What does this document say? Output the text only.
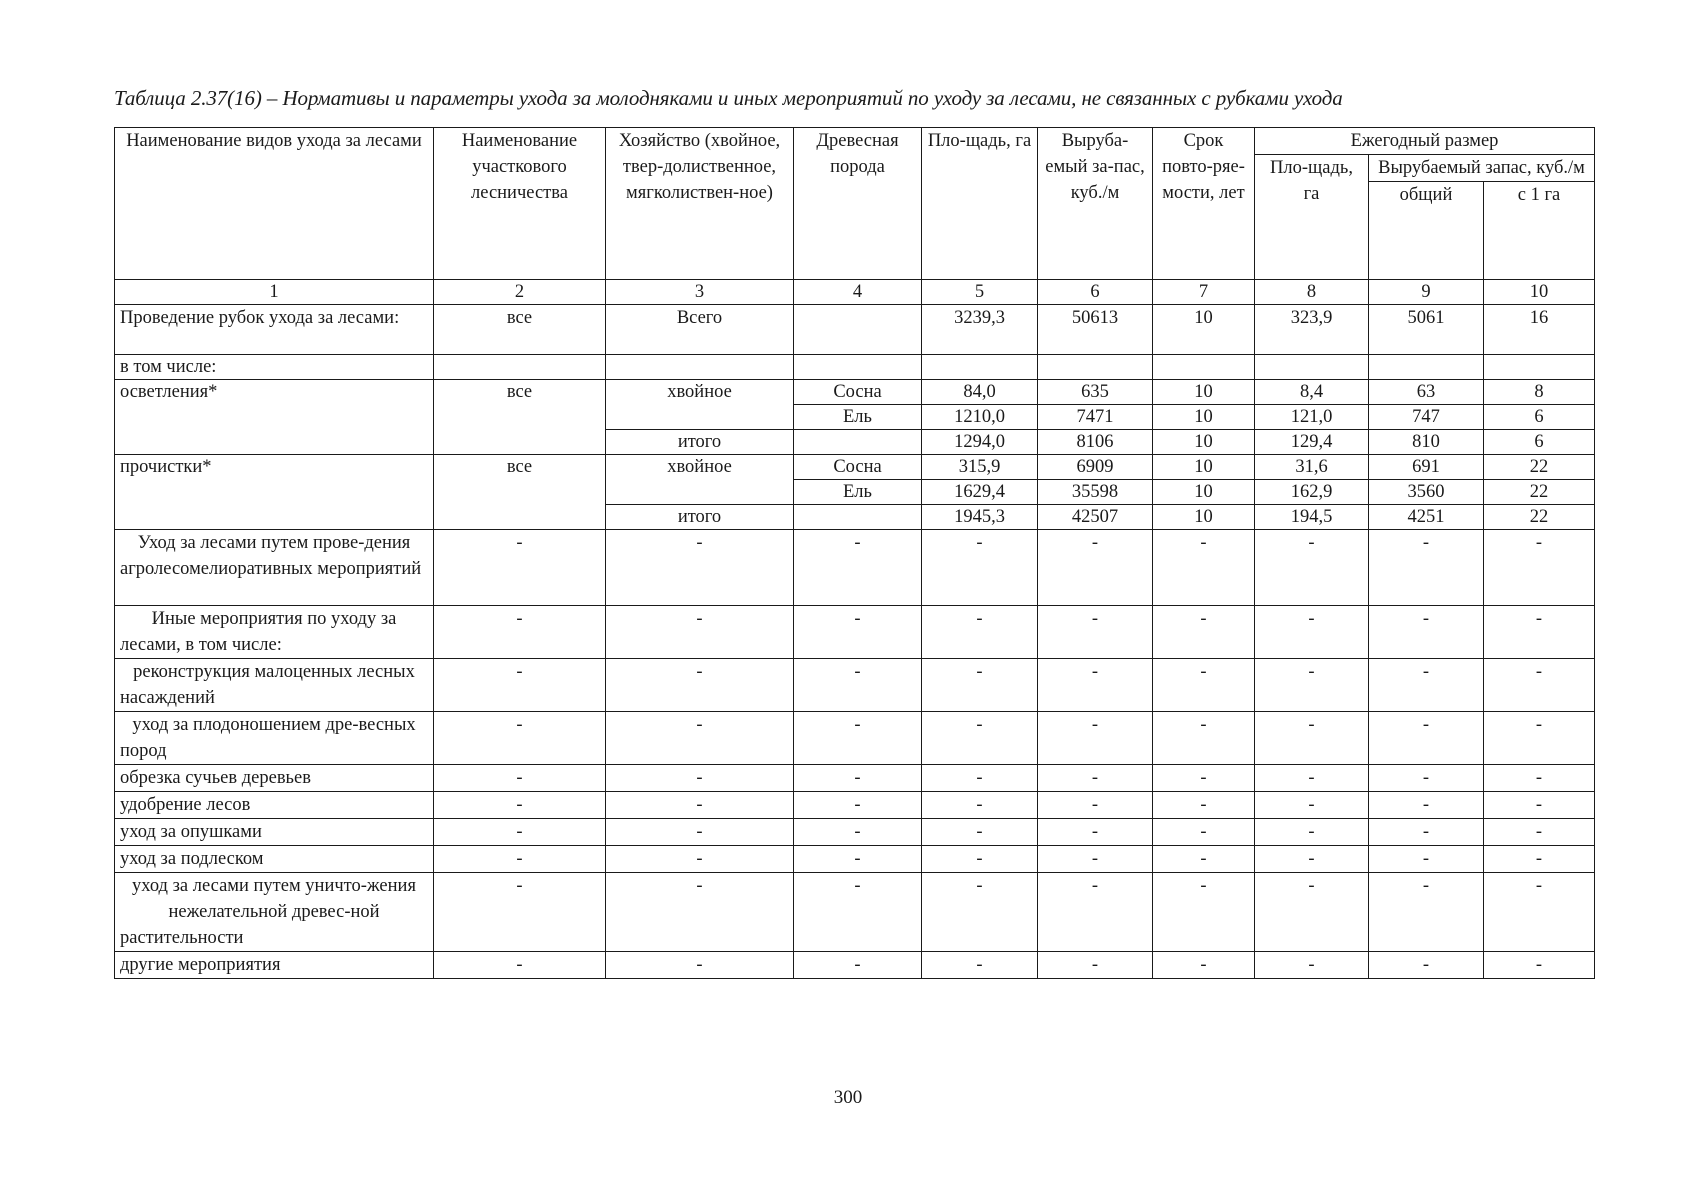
Таблица 2.37(16) – Нормативы и параметры ухода за молодняками и иных мероприятий по уходу за лесами, не связанных с рубками ухода
Наименование видов ухода за лесами	Наименование участкового лесничества	Хозяйство (хвойное, твер-долиственное, мягколиствен-ное)	Древесная порода	Пло-щадь, га	Выруба-емый за-пас, куб./м	Срок повто-ряе-мости, лет	Ежегодный размер		
							Пло-щадь, га	Вырубаемый запас, куб./м	
								общий	с 1 га
1	2	3	4	5	6	7	8	9	10
Проведение рубок ухода за лесами:	все	Всего		3239,3	50613	10	323,9	5061	16
в том числе:									
осветления*	все	хвойное	Сосна	84,0	635	10	8,4	63	8
			Ель	1210,0	7471	10	121,0	747	6
		итого		1294,0	8106	10	129,4	810	6
прочистки*	все	хвойное	Сосна	315,9	6909	10	31,6	691	22
			Ель	1629,4	35598	10	162,9	3560	22
		итого		1945,3	42507	10	194,5	4251	22
Уход за лесами путем прове-дения агролесомелиоративных мероприятий	-	-	-	-	-	-	-	-	-
Иные мероприятия по уходу за лесами, в том числе:	-	-	-	-	-	-	-	-	-
реконструкция малоценных лесных насаждений	-	-	-	-	-	-	-	-	-
уход за плодоношением дре-весных пород	-	-	-	-	-	-	-	-	-
обрезка сучьев деревьев	-	-	-	-	-	-	-	-	-
удобрение лесов	-	-	-	-	-	-	-	-	-
уход за опушками	-	-	-	-	-	-	-	-	-
уход за подлеском	-	-	-	-	-	-	-	-	-
уход за лесами путем уничто-жения нежелательной древес-ной растительности	-	-	-	-	-	-	-	-	-
другие мероприятия	-	-	-	-	-	-	-	-	-
300
